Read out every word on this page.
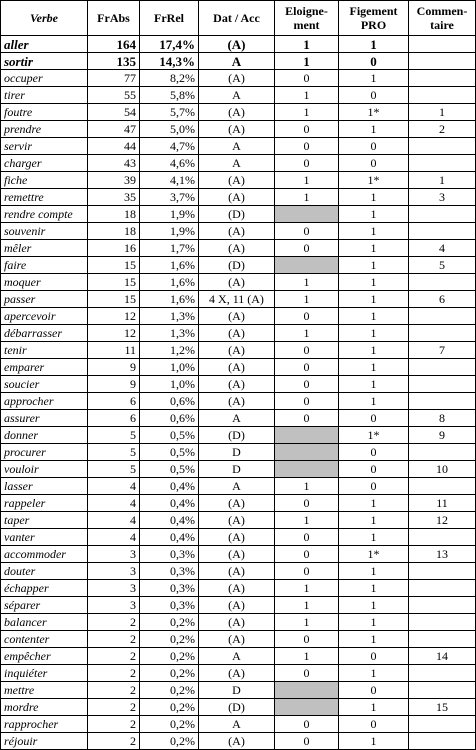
Verbe	FrAbs	FrRel	Dat / Acc	Eloigne-ment	Figement PRO	Commen-taire
aller	164	17,4%	(A)	1	1	
sortir	135	14,3%	A	1	0	
occuper	77	8,2%	(A)	0	1	
tirer	55	5,8%	A	1	0	
foutre	54	5,7%	(A)	1	1*	1
prendre	47	5,0%	(A)	0	1	2
servir	44	4,7%	A	0	0	
charger	43	4,6%	A	0	0	
fiche	39	4,1%	(A)	1	1*	1
remettre	35	3,7%	(A)	1	1	3
rendre compte	18	1,9%	(D)		1	
souvenir	18	1,9%	(A)	0	1	
mêler	16	1,7%	(A)	0	1	4
faire	15	1,6%	(D)		1	5
moquer	15	1,6%	(A)	1	1	
passer	15	1,6%	4 X, 11 (A)	1	1	6
apercevoir	12	1,3%	(A)	0	1	
débarrasser	12	1,3%	(A)	1	1	
tenir	11	1,2%	(A)	0	1	7
emparer	9	1,0%	(A)	0	1	
soucier	9	1,0%	(A)	0	1	
approcher	6	0,6%	(A)	0	1	
assurer	6	0,6%	A	0	0	8
donner	5	0,5%	(D)		1*	9
procurer	5	0,5%	D		0	
vouloir	5	0,5%	D		0	10
lasser	4	0,4%	A	1	0	
rappeler	4	0,4%	(A)	0	1	11
taper	4	0,4%	(A)	1	1	12
vanter	4	0,4%	(A)	0	1	
accommoder	3	0,3%	(A)	0	1*	13
douter	3	0,3%	(A)	0	1	
échapper	3	0,3%	(A)	1	1	
séparer	3	0,3%	(A)	1	1	
balancer	2	0,2%	(A)	1	1	
contenter	2	0,2%	(A)	0	1	
empêcher	2	0,2%	A	1	0	14
inquiéter	2	0,2%	(A)	0	1	
mettre	2	0,2%	D		0	
mordre	2	0,2%	(D)		1	15
rapprocher	2	0,2%	A	0	0	
réjouir	2	0,2%	(A)	0	1	
